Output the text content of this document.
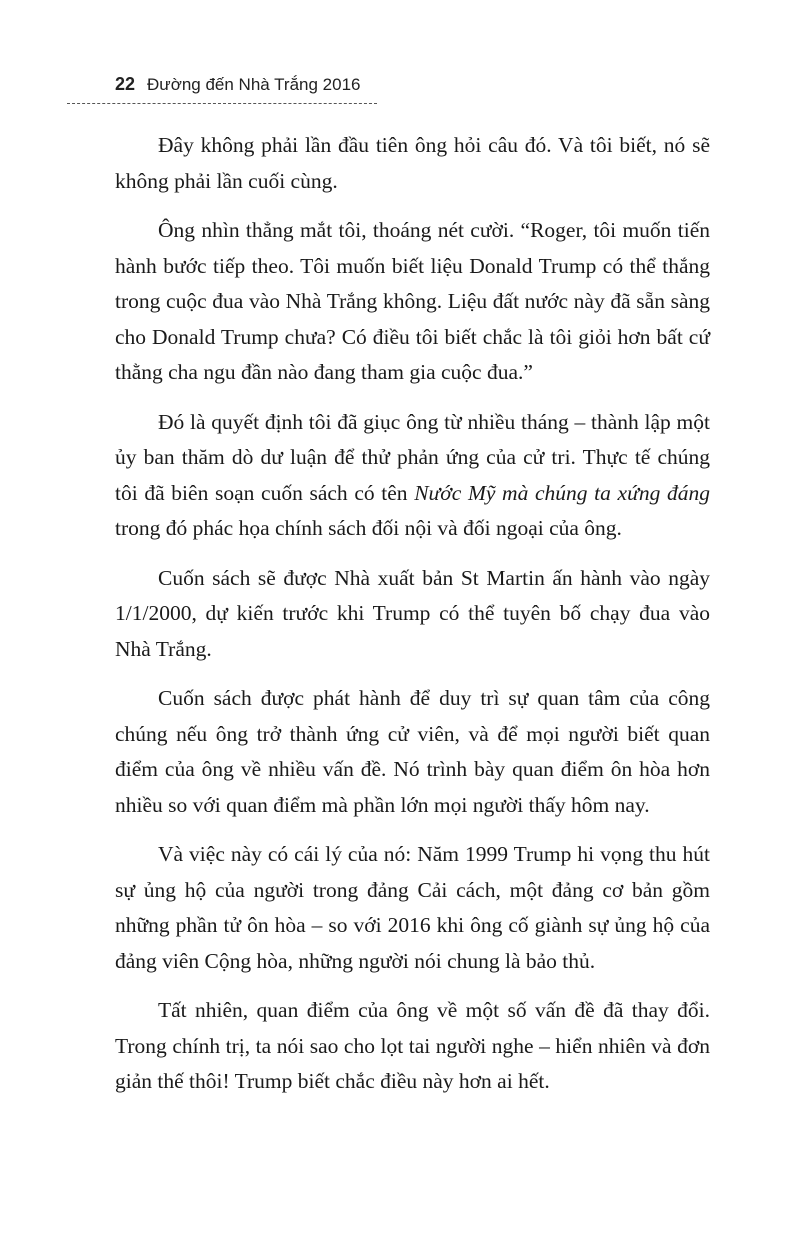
22 Đường đến Nhà Trắng 2016

Đây không phải lần đầu tiên ông hỏi câu đó. Và tôi biết, nó sẽ không phải lần cuối cùng.

Ông nhìn thẳng mắt tôi, thoáng nét cười. “Roger, tôi muốn tiến hành bước tiếp theo. Tôi muốn biết liệu Donald Trump có thể thắng trong cuộc đua vào Nhà Trắng không. Liệu đất nước này đã sẵn sàng cho Donald Trump chưa? Có điều tôi biết chắc là tôi giỏi hơn bất cứ thằng cha ngu đần nào đang tham gia cuộc đua.”

Đó là quyết định tôi đã giục ông từ nhiều tháng – thành lập một ủy ban thăm dò dư luận để thử phản ứng của cử tri. Thực tế chúng tôi đã biên soạn cuốn sách có tên Nước Mỹ mà chúng ta xứng đáng trong đó phác họa chính sách đối nội và đối ngoại của ông.

Cuốn sách sẽ được Nhà xuất bản St Martin ấn hành vào ngày 1/1/2000, dự kiến trước khi Trump có thể tuyên bố chạy đua vào Nhà Trắng.

Cuốn sách được phát hành để duy trì sự quan tâm của công chúng nếu ông trở thành ứng cử viên, và để mọi người biết quan điểm của ông về nhiều vấn đề. Nó trình bày quan điểm ôn hòa hơn nhiều so với quan điểm mà phần lớn mọi người thấy hôm nay.

Và việc này có cái lý của nó: Năm 1999 Trump hi vọng thu hút sự ủng hộ của người trong đảng Cải cách, một đảng cơ bản gồm những phần tử ôn hòa – so với 2016 khi ông cố giành sự ủng hộ của đảng viên Cộng hòa, những người nói chung là bảo thủ.

Tất nhiên, quan điểm của ông về một số vấn đề đã thay đổi. Trong chính trị, ta nói sao cho lọt tai người nghe – hiển nhiên và đơn giản thế thôi! Trump biết chắc điều này hơn ai hết.
